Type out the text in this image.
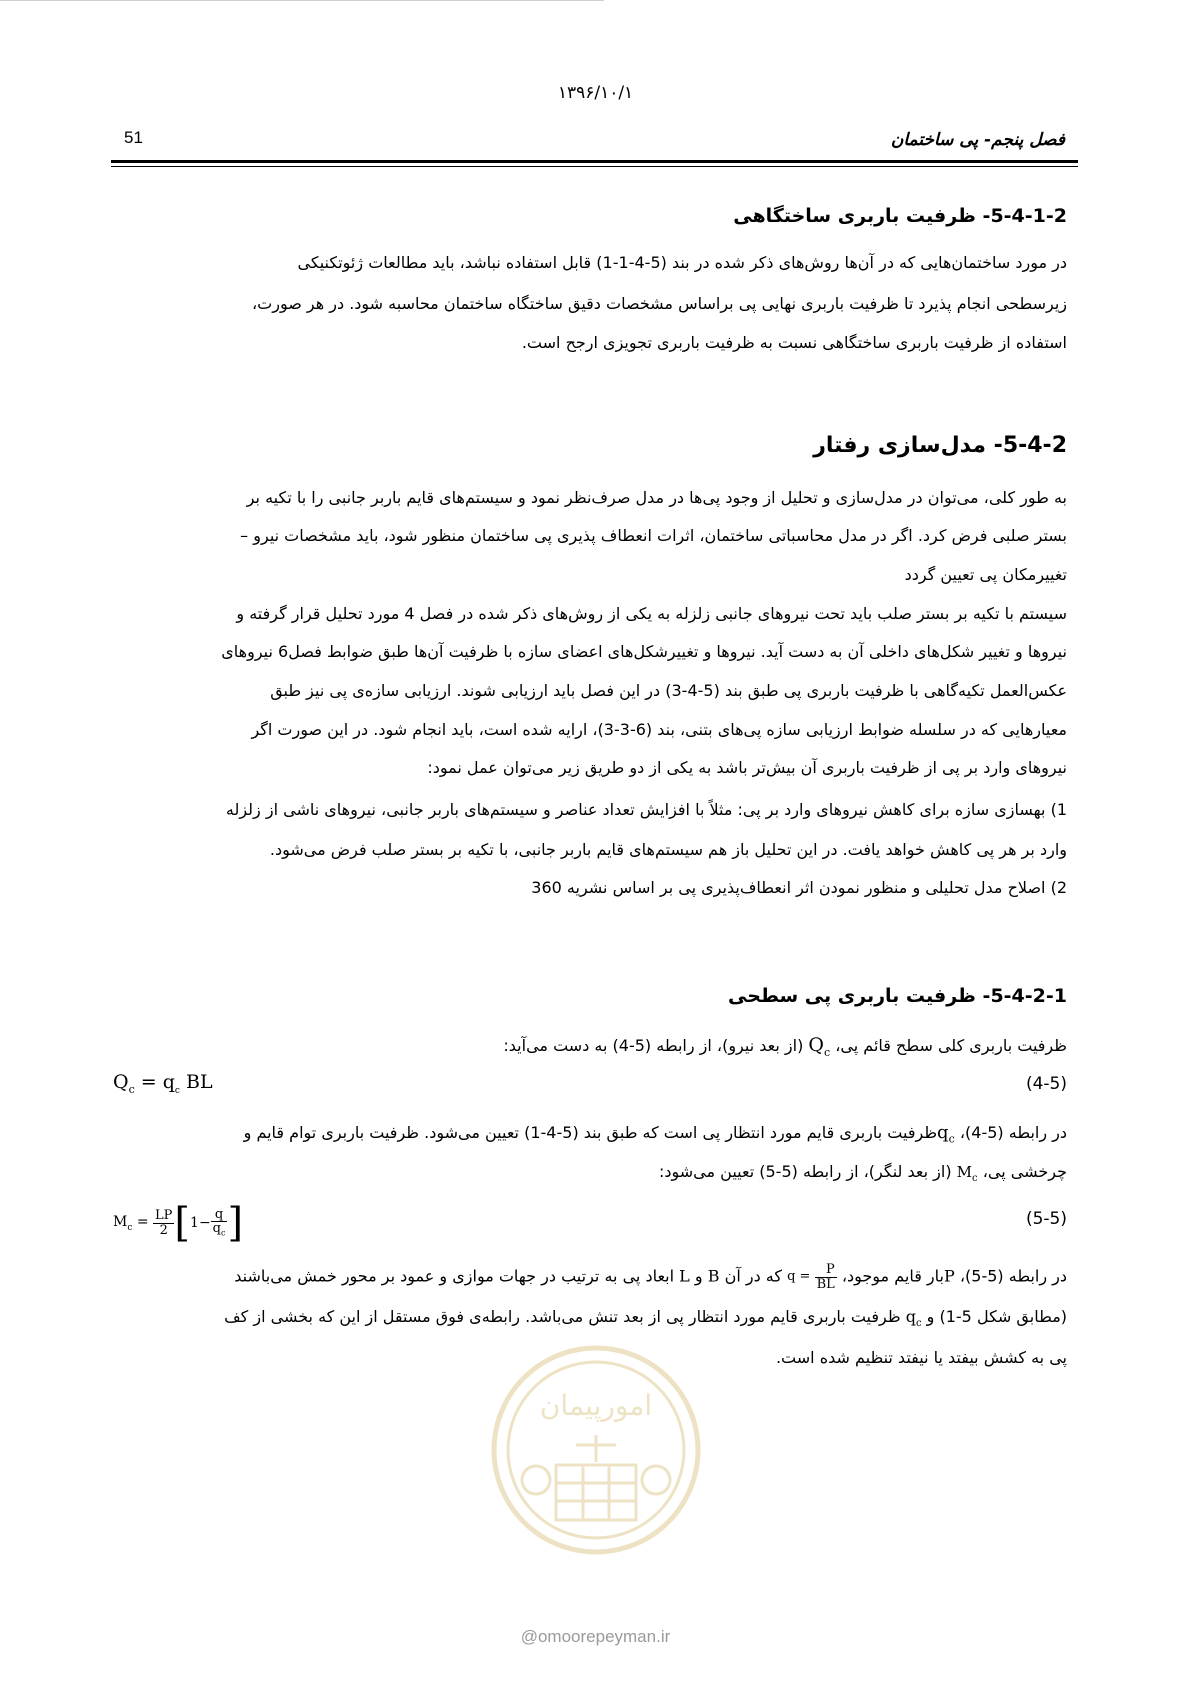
۱۳۹۶/۱۰/۱
فصل پنجم- پی ساختمان
51
5-4-1-2- ظرفیت باربری ساختگاهی
در مورد ساختمان‌هایی که در آن‌ها روش‌های ذکر شده در بند (5-4-1-1) قابل استفاده نباشد، باید مطالعات ژئوتکنیکی
زیرسطحی انجام پذیرد تا ظرفیت باربری نهایی پی براساس مشخصات دقیق ساختگاه ساختمان محاسبه شود. در هر صورت،
استفاده از ظرفیت باربری ساختگاهی نسبت به ظرفیت باربری تجویزی ارجح است.
5-4-2- مدل‌سازی رفتار
به طور کلی، می‌توان در مدل‌سازی و تحلیل از وجود پی‌ها در مدل صرف‌نظر نمود و سیستم‌های قایم باربر جانبی را با تکیه بر
بستر صلبی فرض کرد. اگر در مدل محاسباتی ساختمان، اثرات انعطاف پذیری پی ساختمان منظور شود، باید مشخصات نیرو –
تغییرمکان پی تعیین گردد
سیستم با تکیه بر بستر صلب باید تحت نیروهای جانبی زلزله به یکی از روش‌های ذکر شده در فصل 4 مورد تحلیل قرار گرفته و
نیروها و تغییر شکل‌های داخلی آن به دست آید. نیروها و تغییرشکل‌های اعضای سازه با ظرفیت آن‌ها طبق ضوابط فصل6 نیروهای
عکس‌العمل تکیه‌گاهی با ظرفیت باربری پی طبق بند (5-4-3) در این فصل باید ارزیابی شوند. ارزیابی سازه‌ی پی نیز طبق
معیارهایی که در سلسله ضوابط ارزیابی سازه پی‌های بتنی، بند (6-3-3)، ارایه شده است، باید انجام شود. در این صورت اگر
نیروهای وارد بر پی از ظرفیت باربری آن بیش‌تر باشد به یکی از دو طریق زیر می‌توان عمل نمود:
1) بهسازی سازه برای کاهش نیروهای وارد بر پی: مثلاً با افزایش تعداد عناصر و سیستم‌های باربر جانبی، نیروهای ناشی از زلزله
وارد بر هر پی کاهش خواهد یافت. در این تحلیل باز هم سیستم‌های قایم باربر جانبی، با تکیه بر بستر صلب فرض می‌شود.
2) اصلاح مدل تحلیلی و منظور نمودن اثر انعطاف‌پذیری پی بر اساس نشریه 360
5-4-2-1- ظرفیت باربری پی سطحی
ظرفیت باربری کلی سطح قائم پی، $Q_c$ (از بعد نیرو)، از رابطه (5-4) به دست می‌آید:
$Q_c = q_c$ BL	(4-5)
در رابطه (5-4)، $q_cظرفیت$ باربری قایم مورد انتظار پی است که طبق بند (5-4-1) تعیین می‌شود. ظرفیت باربری توام قایم و
چرخشی پی، $M_c$ (از بعد لنگر)، از رابطه (5-5) تعیین می‌شود:
$M_c = \frac{LP}{2}$ [ $1- \frac{q}{q_c}$ ]	(5-5)
در رابطه (5-5)، Pبار قایم موجود، $q = \frac{P}{BL}$
که در آن B و L ابعاد پی به ترتیب در جهات موازی و عمود بر محور خمش می‌باشند
(مطابق شکل 5-1) و $q_c$ ظرفیت باربری قایم مورد انتظار پی از بعد تنش می‌باشد. رابطه‌ی فوق مستقل از این که بخشی از کف
پی به کشش بیفتد یا نیفتد تنظیم شده است.
امورپیمان
@omoorepeyman.ir
